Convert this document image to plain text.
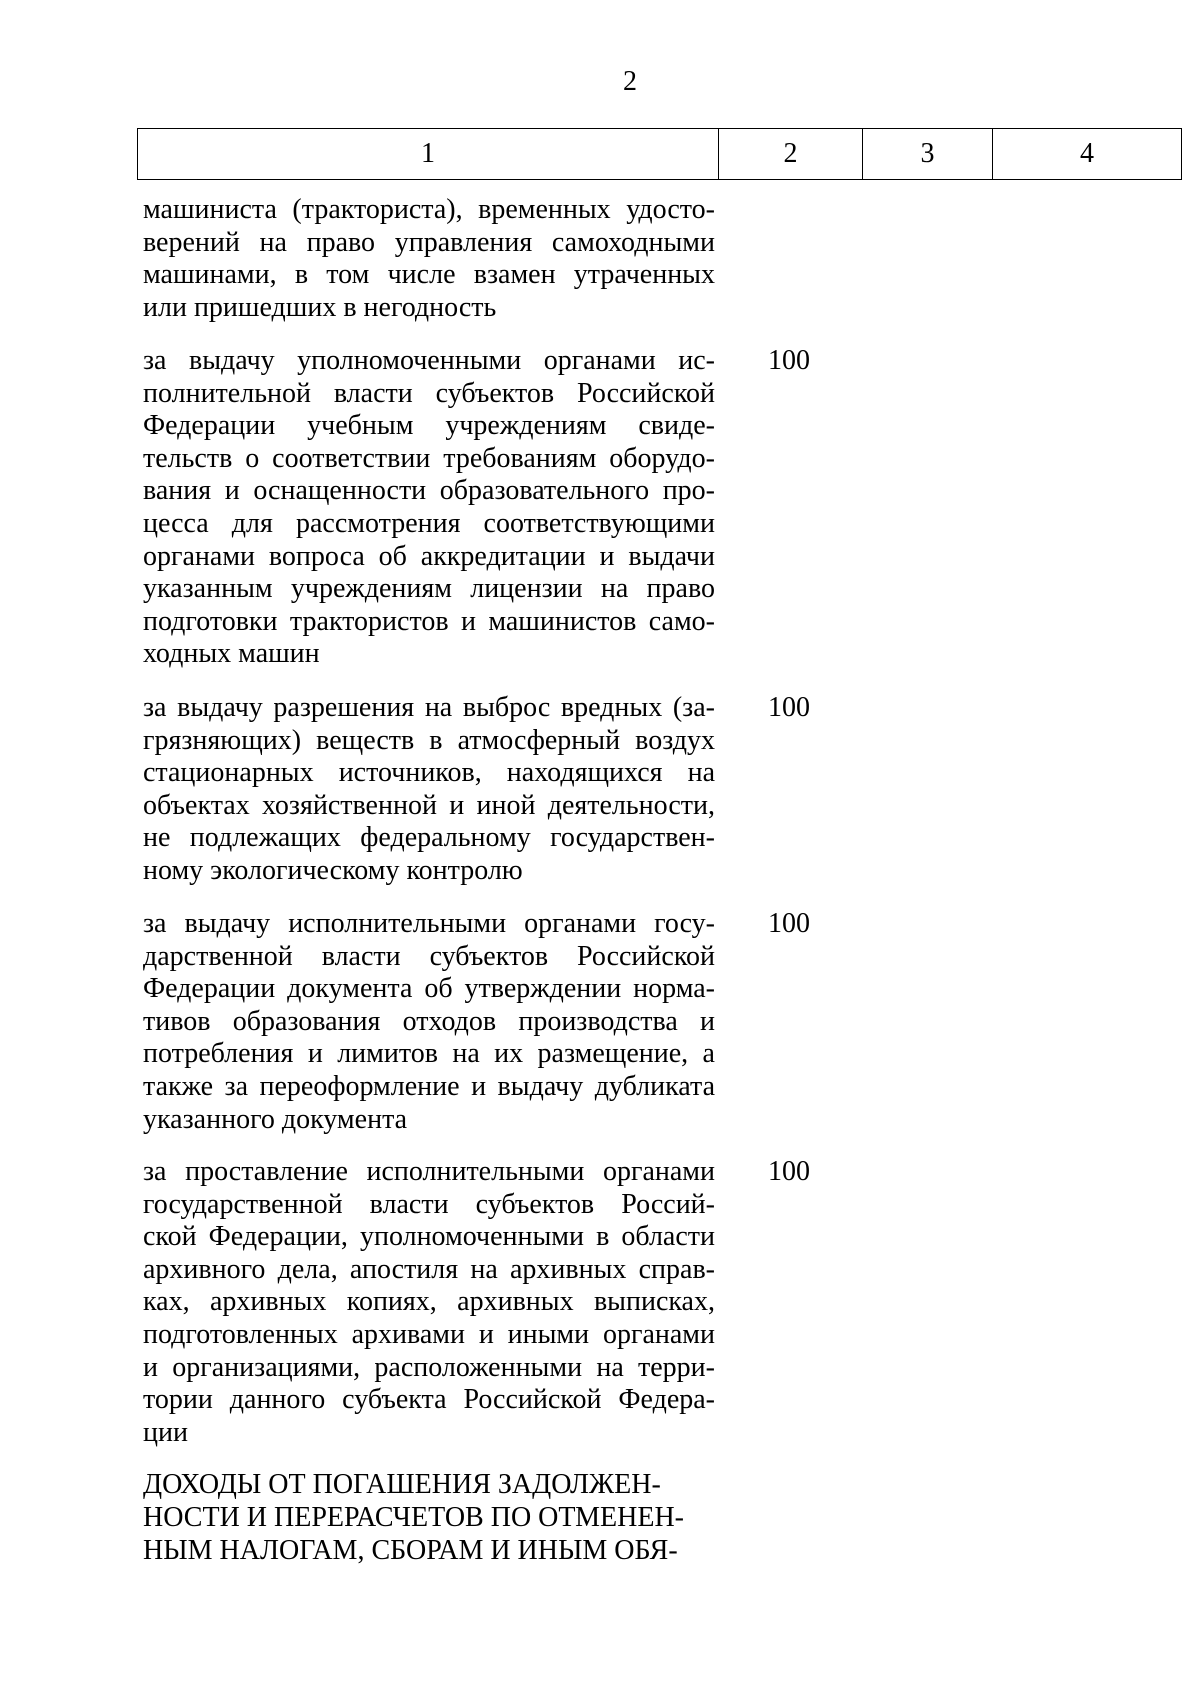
2
1	2	3	4
машиниста (тракториста), временных удосто-
верений на право управления самоходными
машинами, в том числе взамен утраченных
или пришедших в негодность
за выдачу уполномоченными органами ис-
полнительной власти субъектов Российской
Федерации учебным учреждениям свиде-
тельств о соответствии требованиям оборудо-
вания и оснащенности образовательного про-
цесса для рассмотрения соответствующими
органами вопроса об аккредитации и выдачи
указанным учреждениям лицензии на право
подготовки трактористов и машинистов само-
ходных машин
100
за выдачу разрешения на выброс вредных (за-
грязняющих) веществ в атмосферный воздух
стационарных источников, находящихся на
объектах хозяйственной и иной деятельности,
не подлежащих федеральному государствен-
ному экологическому контролю
100
за выдачу исполнительными органами госу-
дарственной власти субъектов Российской
Федерации документа об утверждении норма-
тивов образования отходов производства и
потребления и лимитов на их размещение, а
также за переоформление и выдачу дубликата
указанного документа
100
за проставление исполнительными органами
государственной власти субъектов Россий-
ской Федерации, уполномоченными в области
архивного дела, апостиля на архивных справ-
ках, архивных копиях, архивных выписках,
подготовленных архивами и иными органами
и организациями, расположенными на терри-
тории данного субъекта Российской Федера-
ции
100
ДОХОДЫ ОТ ПОГАШЕНИЯ ЗАДОЛЖЕН-
НОСТИ И ПЕРЕРАСЧЕТОВ ПО ОТМЕНЕН-
НЫМ НАЛОГАМ, СБОРАМ И ИНЫМ ОБЯ-
